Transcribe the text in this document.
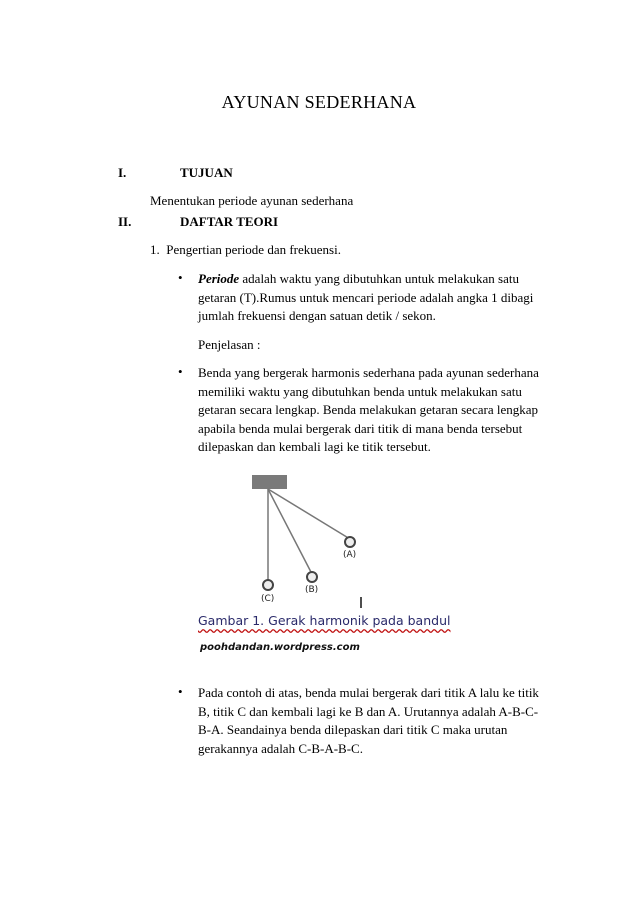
AYUNAN SEDERHANA
I.	TUJUAN
Menentukan periode ayunan sederhana
II.	DAFTAR TEORI
1.  Pengertian periode dan frekuensi.
• Periode adalah waktu yang dibutuhkan untuk melakukan satu
getaran (T).Rumus untuk mencari periode adalah angka 1 dibagi
jumlah frekuensi dengan satuan detik / sekon.
Penjelasan :
• Benda yang bergerak harmonis sederhana pada ayunan sederhana
memiliki waktu yang dibutuhkan benda untuk melakukan satu
getaran secara lengkap. Benda melakukan getaran secara lengkap
apabila benda mulai bergerak dari titik di mana benda tersebut
dilepaskan dan kembali lagi ke titik tersebut.
(A)
(B)
(C)
Gambar 1. Gerak harmonik pada bandul
poohdandan.wordpress.com
• Pada contoh di atas, benda mulai bergerak dari titik A lalu ke titik
B, titik C dan kembali lagi ke B dan A. Urutannya adalah A-B-C-
B-A. Seandainya benda dilepaskan dari titik C maka urutan
gerakannya adalah C-B-A-B-C.
